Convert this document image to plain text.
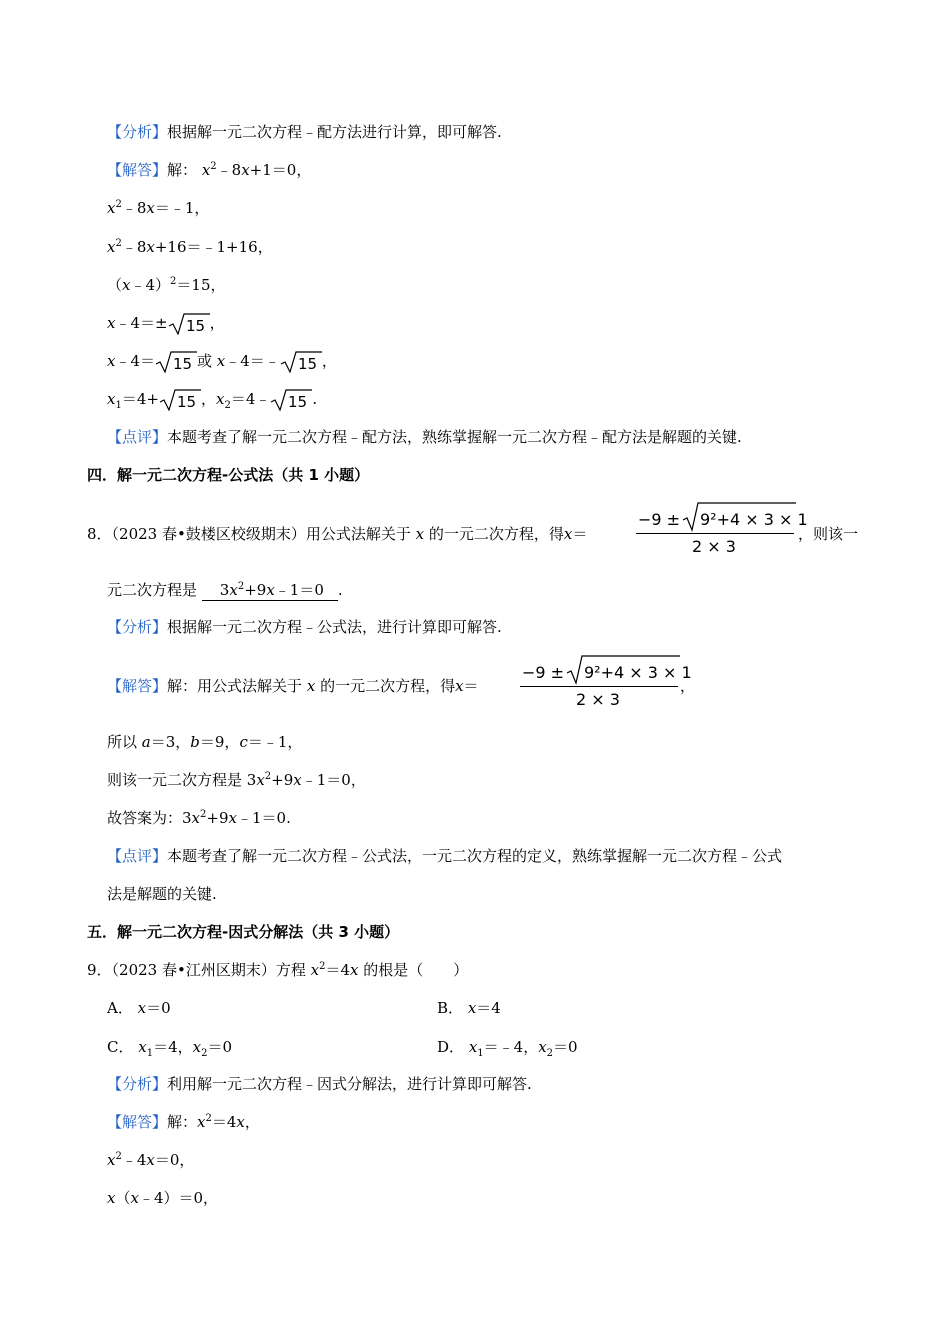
【分析】根据解一元二次方程﹣配方法进行计算，即可解答.
【解答】解： $x^2﹣8x+1=0$，
$x^2﹣8x=﹣1$，
$x^2﹣8x+16=﹣1+16$，
（x﹣4）$^2$＝15，
x﹣4＝± 15 ，
x﹣4＝ 15 或 x﹣4＝﹣ 15 ，
$x_1=4+ 15$ ，$x_2=4﹣$ 15 .
【点评】本题考查了解一元二次方程﹣配方法，熟练掌握解一元二次方程﹣配方法是解题的关键.
四．解一元二次方程-公式法（共 1 小题）
8．（2023 春•鼓楼区校级期末）用公式法解关于 x 的一元二次方程，得x＝
−9 ± 9²+4 × 3 × 1
2 × 3
，则该一
元二次方程是 $3x^2+9x﹣1=0$ .
【分析】根据解一元二次方程﹣公式法，进行计算即可解答.
【解答】解：用公式法解关于 x 的一元二次方程，得x＝
−9 ± 9²+4 × 3 × 1
2 × 3
，
所以 a＝3，b＝9，c＝﹣1，
则该一元二次方程是 $3x^2+9x﹣1=0$，
故答案为：$3x^2+9x﹣1=0$.
【点评】本题考查了解一元二次方程﹣公式法，一元二次方程的定义，熟练掌握解一元二次方程﹣公式
法是解题的关键.
五．解一元二次方程-因式分解法（共 3 小题）
9．（2023 春•江州区期末）方程 $x^2=4x$ 的根是（　　）
A． x＝0	B． x＝4
C． $x_1=4$，$x_2=0$	D． $x_1=﹣4$，$x_2=0$
【分析】利用解一元二次方程﹣因式分解法，进行计算即可解答.
【解答】解：$x^2=4x$，
$x^2﹣4x=0$，
x（x﹣4）＝0，
